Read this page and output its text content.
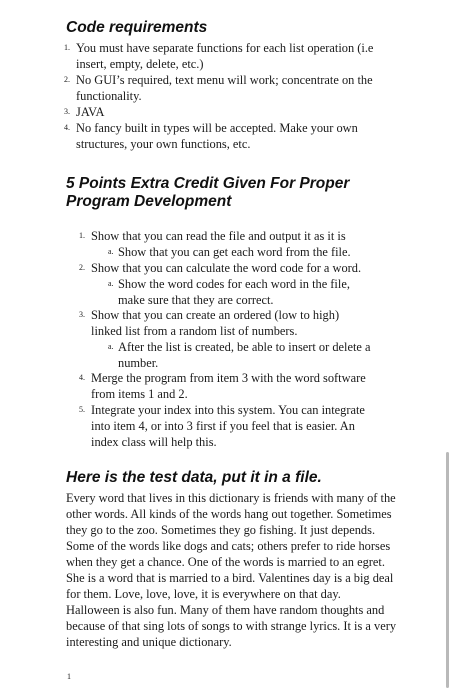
Code requirements
1. You must have separate functions for each list operation (i.e insert, empty, delete, etc.)

2. No GUI’s required, text menu will work; concentrate on the functionality.

3. JAVA

4. No fancy built in types will be accepted. Make your own structures, your own functions, etc.

5 Points Extra Credit Given For Proper
Program Development
1. Show that you can read the file and output it as it is

a. Show that you can get each word from the file.

2. Show that you can calculate the word code for a word.

a. Show the word codes for each word in the file, make sure that they are correct.

3. Show that you can create an ordered (low to high) linked list from a random list of numbers.

a. After the list is created, be able to insert or delete a number.

4. Merge the program from item 3 with the word software from items 1 and 2.

5. Integrate your index into this system. You can integrate into item 4, or into 3 first if you feel that is easier. An index class will help this.

Here is the test data, put it in a file.

Every word that lives in this dictionary is friends with many of the other words. All kinds of the words hang out together. Sometimes they go to the zoo. Sometimes they go fishing. It just depends. Some of the words like dogs and cats; others prefer to ride horses when they get a chance. One of the words is married to an egret. She is a word that is married to a bird. Valentines day is a big deal for them. Love, love, love, it is everywhere on that day. Halloween is also fun. Many of them have random thoughts and because of that sing lots of songs to with strange lyrics. It is a very interesting and unique dictionary.

1
